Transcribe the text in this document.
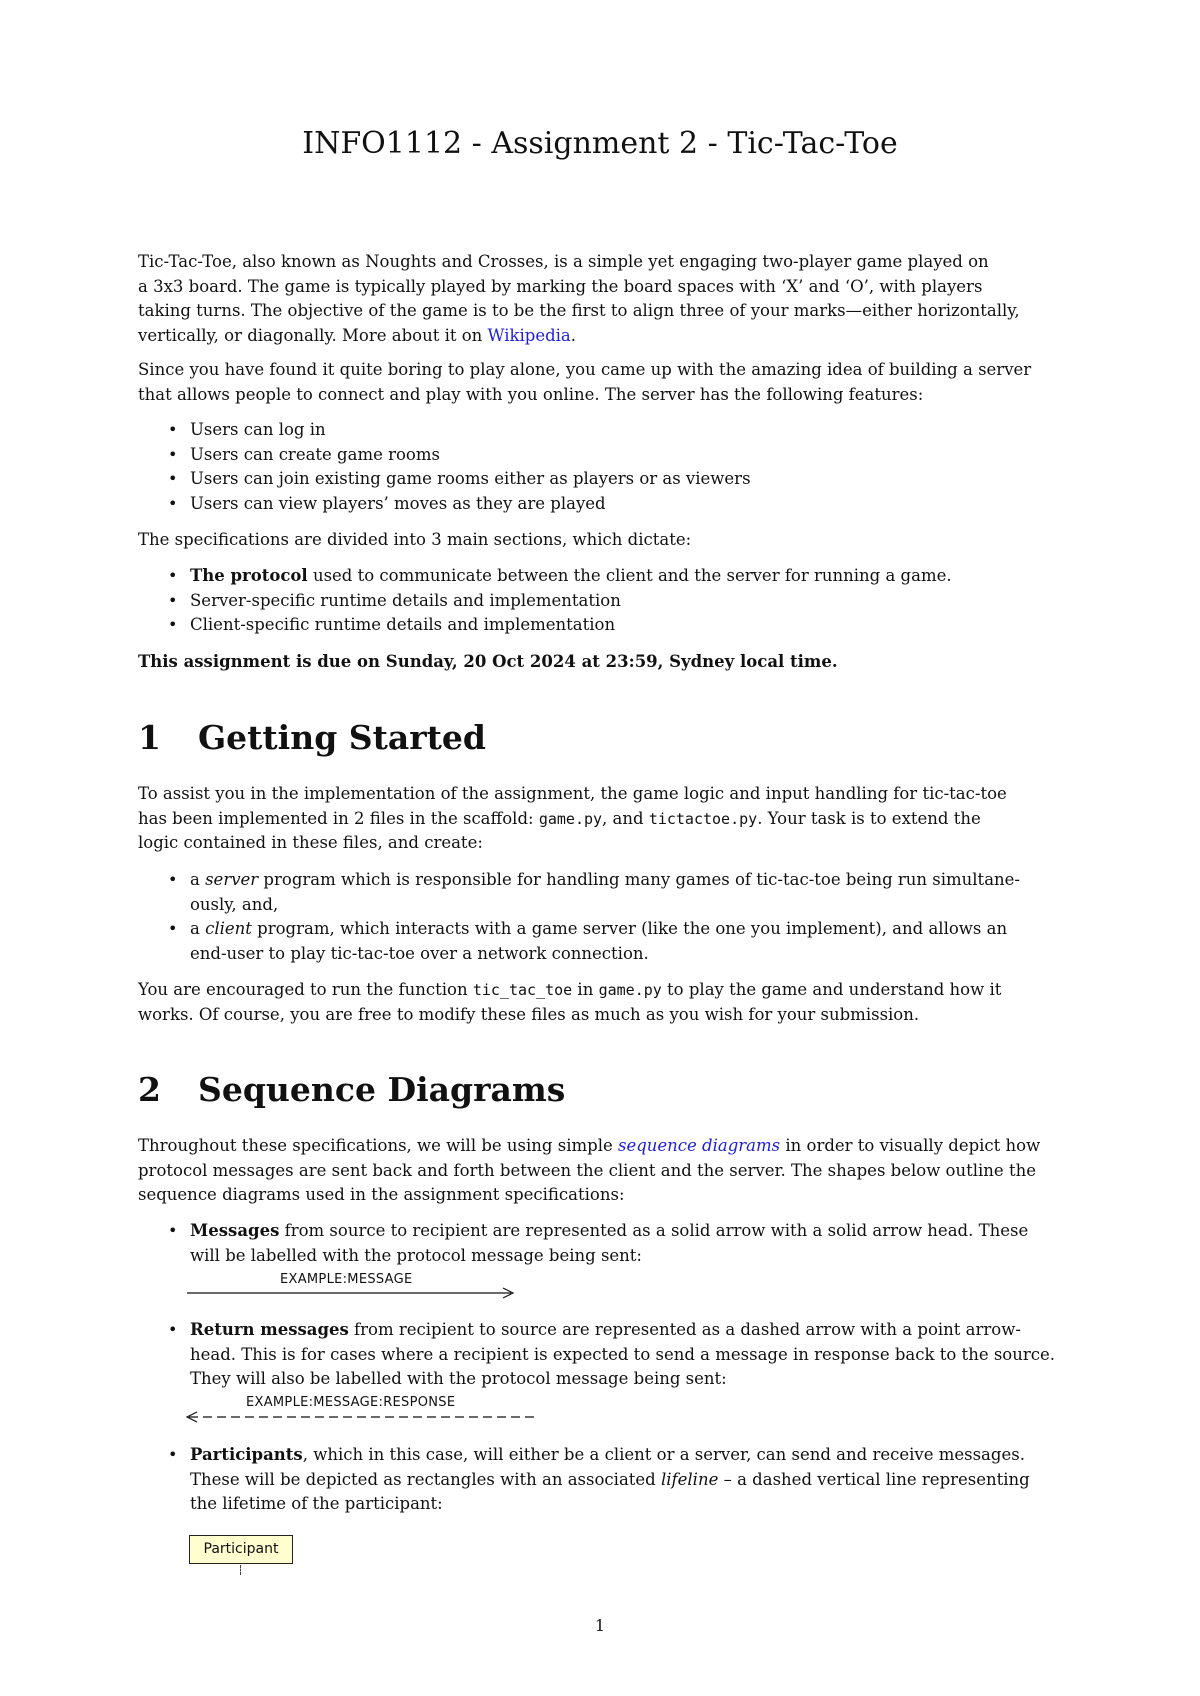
INFO1112 - Assignment 2 - Tic-Tac-Toe
Tic-Tac-Toe, also known as Noughts and Crosses, is a simple yet engaging two-player game played on
a 3x3 board. The game is typically played by marking the board spaces with ‘X’ and ‘O’, with players
taking turns. The objective of the game is to be the first to align three of your marks—either horizontally,
vertically, or diagonally. More about it on Wikipedia.
Since you have found it quite boring to play alone, you came up with the amazing idea of building a server
that allows people to connect and play with you online. The server has the following features:
• Users can log in
• Users can create game rooms
• Users can join existing game rooms either as players or as viewers
• Users can view players’ moves as they are played
The specifications are divided into 3 main sections, which dictate:
• The protocol used to communicate between the client and the server for running a game.
• Server-specific runtime details and implementation
• Client-specific runtime details and implementation
This assignment is due on Sunday, 20 Oct 2024 at 23:59, Sydney local time.
1 Getting Started
To assist you in the implementation of the assignment, the game logic and input handling for tic-tac-toe
has been implemented in 2 files in the scaffold: game.py, and tictactoe.py. Your task is to extend the
logic contained in these files, and create:
• a server program which is responsible for handling many games of tic-tac-toe being run simultane-
ously, and,
• a client program, which interacts with a game server (like the one you implement), and allows an
end-user to play tic-tac-toe over a network connection.
You are encouraged to run the function tic_tac_toe in game.py to play the game and understand how it
works. Of course, you are free to modify these files as much as you wish for your submission.
2 Sequence Diagrams
Throughout these specifications, we will be using simple sequence diagrams in order to visually depict how
protocol messages are sent back and forth between the client and the server. The shapes below outline the
sequence diagrams used in the assignment specifications:
• Messages from source to recipient are represented as a solid arrow with a solid arrow head. These
will be labelled with the protocol message being sent:
EXAMPLE:MESSAGE
• Return messages from recipient to source are represented as a dashed arrow with a point arrow-
head. This is for cases where a recipient is expected to send a message in response back to the source.
They will also be labelled with the protocol message being sent:
EXAMPLE:MESSAGE:RESPONSE
• Participants, which in this case, will either be a client or a server, can send and receive messages.
These will be depicted as rectangles with an associated lifeline – a dashed vertical line representing
the lifetime of the participant:
Participant
1
